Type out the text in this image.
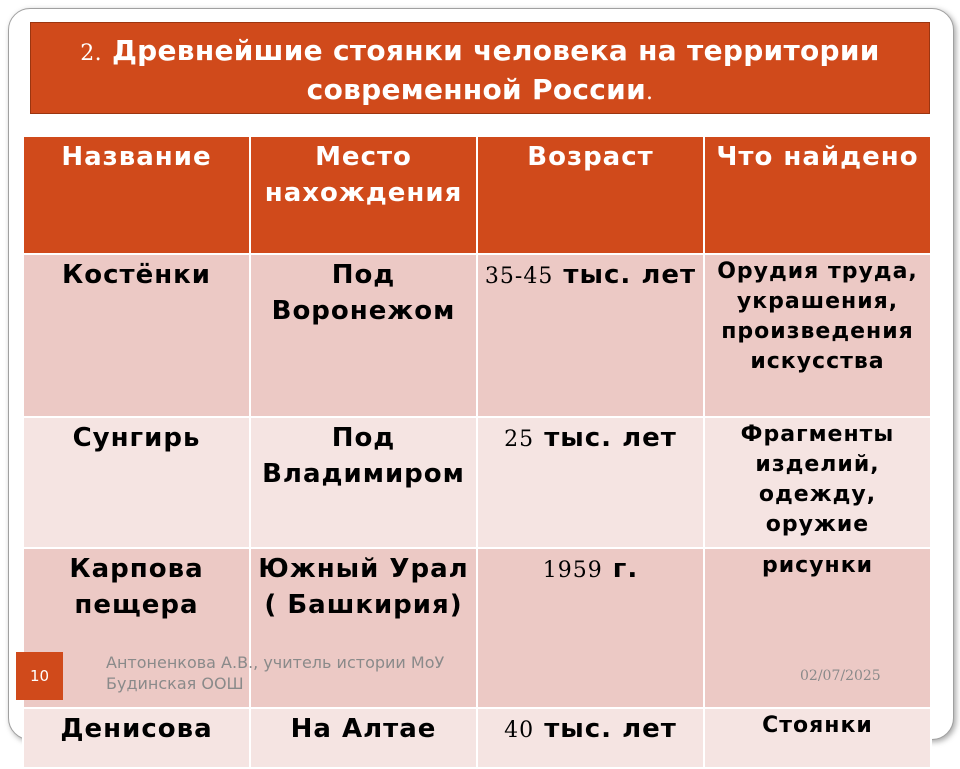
2. Древнейшие стоянки человека на территории современной России.
Название	Место нахождения	Возраст	Что найдено
Костёнки	Под Воронежом	35-45 тыс. лет	Орудия труда, украшения, произведения искусства
Сунгирь	Под Владимиром	25 тыс. лет	Фрагменты изделий, одежду, оружие
Карпова пещера	Южный Урал ( Башкирия)	1959 г.	рисунки
Денисова	На Алтае	40 тыс. лет	Стоянки
10
Антоненкова А.В., учитель истории МоУ
Будинская ООШ	02/07/2025
